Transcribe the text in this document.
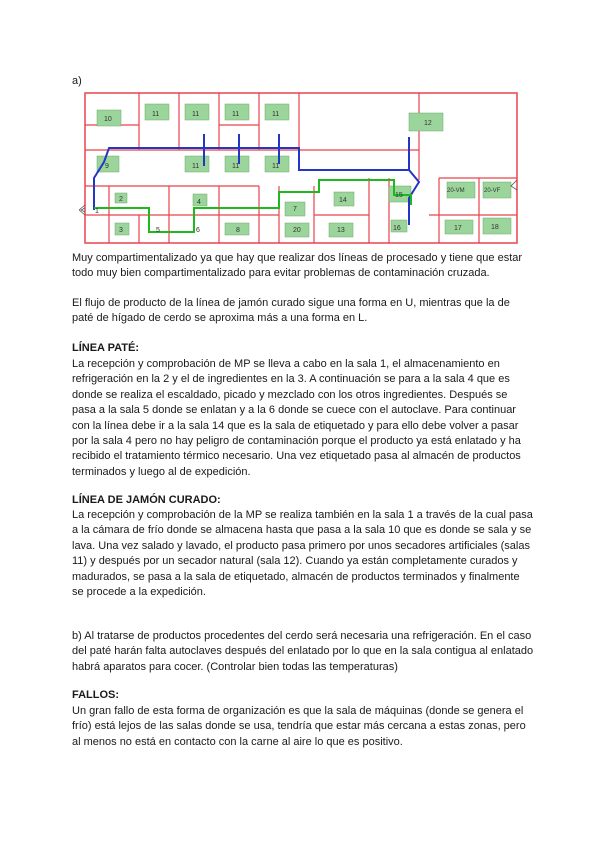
a)

10
11	11	11	11
12
9	11	11	11
1
2	4
7
14
15
20-VM	20-VF
3	5	6	8	20	13	16	17	18

Muy compartimentalizado ya que hay que realizar dos líneas de procesado y tiene que estar todo muy bien compartimentalizado para evitar problemas de contaminación cruzada.

El flujo de producto de la línea de jamón curado sigue una forma en U, mientras que la de paté de hígado de cerdo se aproxima más a una forma en L.

LÍNEA PATÉ:

La recepción y comprobación de MP se lleva a cabo en la sala 1, el almacenamiento en refrigeración en la 2 y el de ingredientes en la 3. A continuación se para a la sala 4 que es donde se realiza el escaldado, picado y mezclado con los otros ingredientes. Después se pasa a la sala 5 donde se enlatan y a la 6 donde se cuece con el autoclave. Para continuar con la línea debe ir a la sala 14 que es la sala de etiquetado y para ello debe volver a pasar por la sala 4 pero no hay peligro de contaminación porque el producto ya está enlatado y ha recibido el tratamiento térmico necesario. Una vez etiquetado pasa al almacén de productos terminados y luego al de expedición.

LÍNEA DE JAMÓN CURADO:

La recepción y comprobación de la MP se realiza también en la sala 1 a través de la cual pasa a la cámara de frío donde se almacena hasta que pasa a la sala 10 que es donde se sala y se lava. Una vez salado y lavado, el producto pasa primero por unos secadores artificiales (salas 11) y después por un secador natural (sala 12). Cuando ya están completamente curados y madurados, se pasa a la sala de etiquetado, almacén de productos terminados y finalmente se procede a la expedición.

b) Al tratarse de productos procedentes del cerdo será necesaria una refrigeración. En el caso del paté harán falta autoclaves después del enlatado por lo que en la sala contigua al enlatado habrá aparatos para cocer. (Controlar bien todas las temperaturas)

FALLOS:

Un gran fallo de esta forma de organización es que la sala de máquinas (donde se genera el frío) está lejos de las salas donde se usa, tendría que estar más cercana a estas zonas, pero al menos no está en contacto con la carne al aire lo que es positivo.
